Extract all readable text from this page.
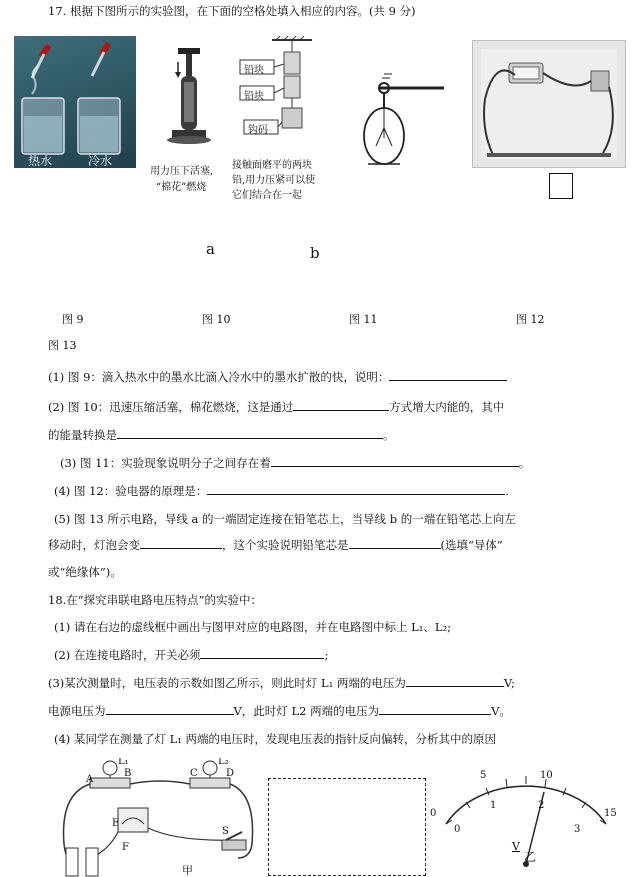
17. 根据下图所示的实验图，在下面的空格处填入相应的内容。(共 9 分)
热水	冷水
用力压下活塞,
“棉花”燃烧
铅块
铅块
钩码
接触面磨平的两块
铅,用力压紧可以使
它们结合在一起
a	b
图 9	图 10	图 11	图 12
图 13
(1) 图 9：滴入热水中的墨水比滴入冷水中的墨水扩散的快，说明：
(2) 图 10：迅速压缩活塞，棉花燃烧，这是通过	方式增大内能的，其中
的能量转换是	。
(3) 图 11：实验现象说明分子之间存在着	。
(4) 图 12：验电器的原理是：	.
(5) 图 13 所示电路，导线 a 的一端固定连接在铅笔芯上，当导线 b 的一端在铅笔芯上向左
移动时，灯泡会变	，这个实验说明铅笔芯是	(选填“导体”
或“绝缘体”)。
18.在“探究串联电路电压特点”的实验中：
(1) 请在右边的虚线框中画出与图甲对应的电路图，并在电路图中标上 L₁、L₂;
(2) 在连接电路时，开关必须	;
(3)某次测量时，电压表的示数如图乙所示，则此时灯 L₁ 两端的电压为	V;
电源电压为	V，此时灯 L2 两端的电压为	V。
(4) 某同学在测量了灯 L₁ 两端的电压时，发现电压表的指针反向偏转，分析其中的原因
A
B
L₁
C	D
L₂
E
F
S
甲
0
5	10
15
0
1	2
3
V
乙
